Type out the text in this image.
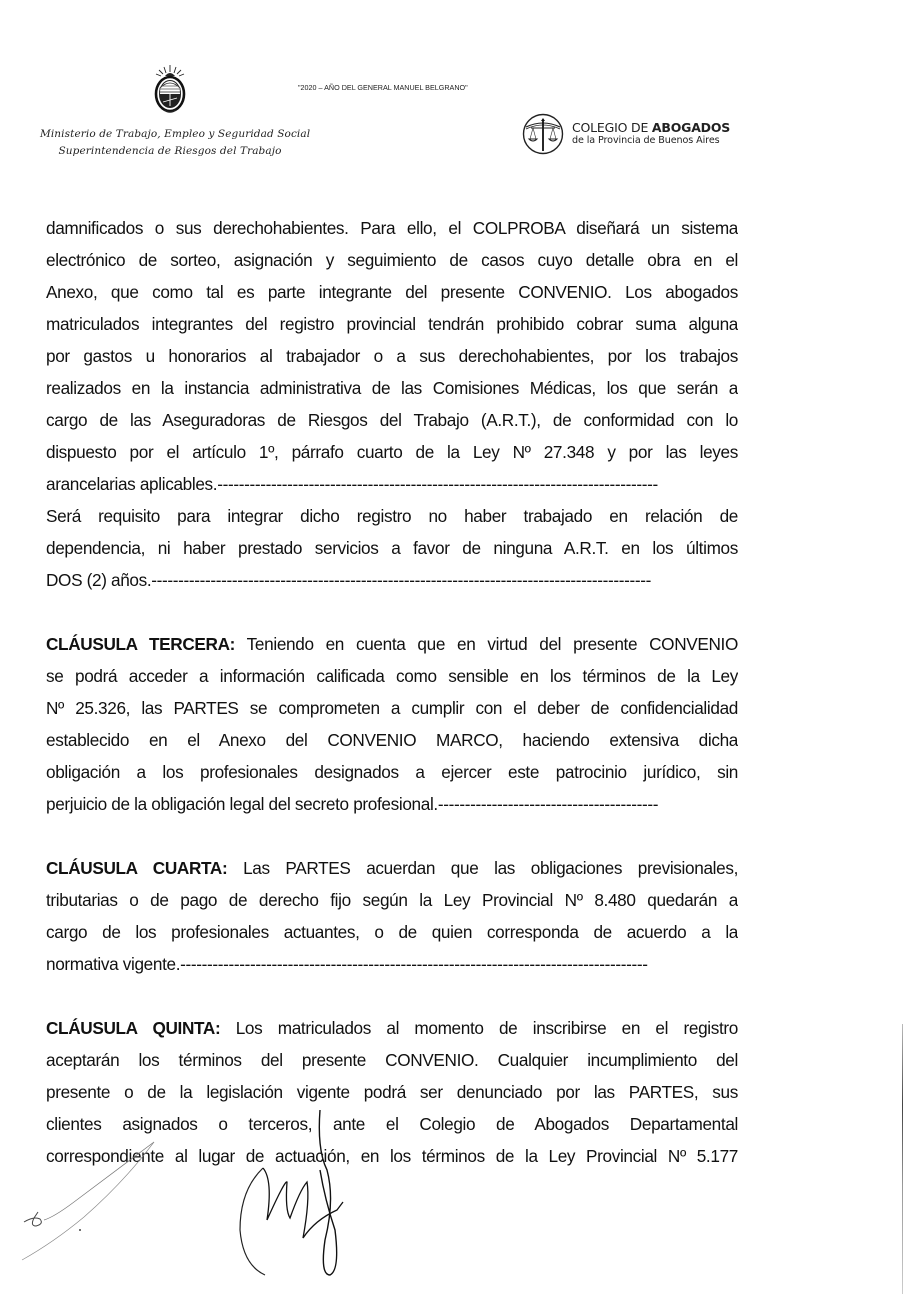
Ministerio de Trabajo, Empleo y Seguridad Social
Superintendencia de Riesgos del Trabajo
"2020 – AÑO DEL GENERAL MANUEL BELGRANO"
COLEGIO DE ABOGADOS
de la Provincia de Buenos Aires
damnificados o sus derechohabientes. Para ello, el COLPROBA diseñará un sistema
electrónico de sorteo, asignación y seguimiento de casos cuyo detalle obra en el
Anexo, que como tal es parte integrante del presente CONVENIO. Los abogados
matriculados integrantes del registro provincial tendrán prohibido cobrar suma alguna
por gastos u honorarios al trabajador o a sus derechohabientes, por los trabajos
realizados en la instancia administrativa de las Comisiones Médicas, los que serán a
cargo de las Aseguradoras de Riesgos del Trabajo (A.R.T.), de conformidad con lo
dispuesto por el artículo 1º, párrafo cuarto de la Ley Nº 27.348 y por las leyes
arancelarias aplicables.----------------------------------------------------------------------------------
Será requisito para integrar dicho registro no haber trabajado en relación de
dependencia, ni haber prestado servicios a favor de ninguna A.R.T. en los últimos
DOS (2) años.---------------------------------------------------------------------------------------------
CLÁUSULA TERCERA: Teniendo en cuenta que en virtud del presente CONVENIO
se podrá acceder a información calificada como sensible en los términos de la Ley
Nº 25.326, las PARTES se comprometen a cumplir con el deber de confidencialidad
establecido en el Anexo del CONVENIO MARCO, haciendo extensiva dicha
obligación a los profesionales designados a ejercer este patrocinio jurídico, sin
perjuicio de la obligación legal del secreto profesional.-----------------------------------------
CLÁUSULA CUARTA: Las PARTES acuerdan que las obligaciones previsionales,
tributarias o de pago de derecho fijo según la Ley Provincial Nº 8.480 quedarán a
cargo de los profesionales actuantes, o de quien corresponda de acuerdo a la
normativa vigente.---------------------------------------------------------------------------------------
CLÁUSULA QUINTA: Los matriculados al momento de inscribirse en el registro
aceptarán los términos del presente CONVENIO. Cualquier incumplimiento del
presente o de la legislación vigente podrá ser denunciado por las PARTES, sus
clientes asignados o terceros, ante el Colegio de Abogados Departamental
correspondiente al lugar de actuación, en los términos de la Ley Provincial Nº 5.177
